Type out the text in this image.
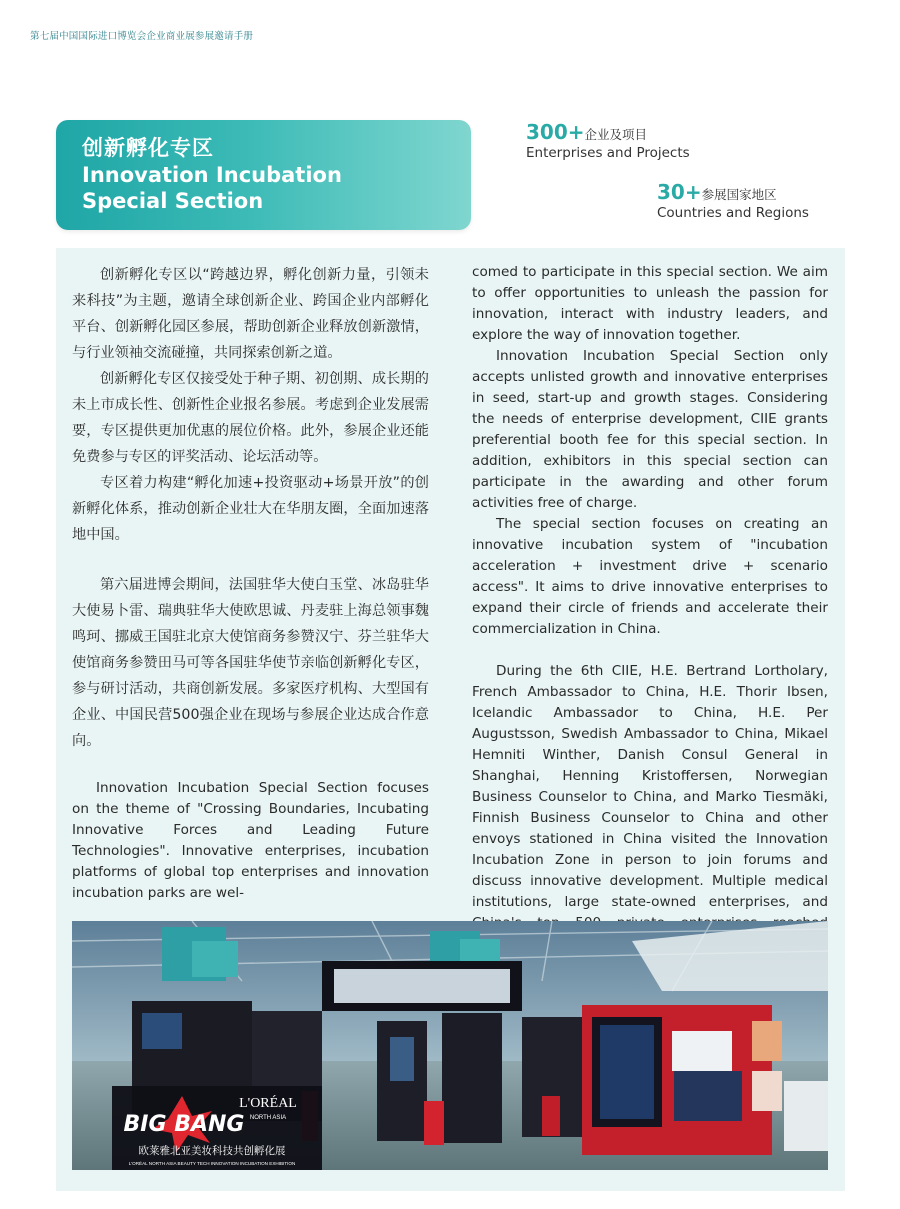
第七届中国国际进口博览会企业商业展参展邀请手册
创新孵化专区
Innovation Incubation
Special Section
300+企业及项目
Enterprises and Projects
30+参展国家地区
Countries and Regions

创新孵化专区以“跨越边界，孵化创新力量，引领未来科技”为主题，邀请全球创新企业、跨国企业内部孵化平台、创新孵化园区参展，帮助创新企业释放创新激情，与行业领袖交流碰撞，共同探索创新之道。

创新孵化专区仅接受处于种子期、初创期、成长期的未上市成长性、创新性企业报名参展。考虑到企业发展需要，专区提供更加优惠的展位价格。此外，参展企业还能免费参与专区的评奖活动、论坛活动等。

专区着力构建“孵化加速+投资驱动+场景开放”的创新孵化体系，推动创新企业壮大在华朋友圈，全面加速落地中国。

第六届进博会期间，法国驻华大使白玉堂、冰岛驻华大使易卜雷、瑞典驻华大使欧思诚、丹麦驻上海总领事魏鸣珂、挪威王国驻北京大使馆商务参赞汉宁、芬兰驻华大使馆商务参赞田马可等各国驻华使节亲临创新孵化专区，参与研讨活动，共商创新发展。多家医疗机构、大型国有企业、中国民营500强企业在现场与参展企业达成合作意向。

Innovation Incubation Special Section focuses on the theme of "Crossing Boundaries, Incubating Innovative Forces and Leading Future Technologies". Innovative enterprises, incubation platforms of global top enterprises and innovation incubation parks are wel-

comed to participate in this special section. We aim to offer opportunities to unleash the passion for innovation, interact with industry leaders, and explore the way of innovation together.

Innovation Incubation Special Section only accepts unlisted growth and innovative enterprises in seed, start-up and growth stages. Considering the needs of enterprise development, CIIE grants preferential booth fee for this special section. In addition, exhibitors in this special section can participate in the awarding and other forum activities free of charge.

The special section focuses on creating an innovative incubation system of "incubation acceleration + investment drive + scenario access". It aims to drive innovative enterprises to expand their circle of friends and accelerate their commercialization in China.

During the 6th CIIE, H.E. Bertrand Lortholary, French Ambassador to China, H.E. Thorir Ibsen, Icelandic Ambassador to China, H.E. Per Augustsson, Swedish Ambassador to China, Mikael Hemniti Winther, Danish Consul General in Shanghai, Henning Kristoffersen, Norwegian Business Counselor to China, and Marko Tiesmäki, Finnish Business Counselor to China and other envoys stationed in China visited the Innovation Incubation Zone in person to join forums and discuss innovative development. Multiple medical institutions, large state-owned enterprises, and

L'ORÉAL
NORTH ASIA
BIG BANG
欧莱雅北亚美妆科技共创孵化展
L'ORÉAL NORTH ASIA BEAUTY TECH INNOVATION INCUBATION EXHIBITION
